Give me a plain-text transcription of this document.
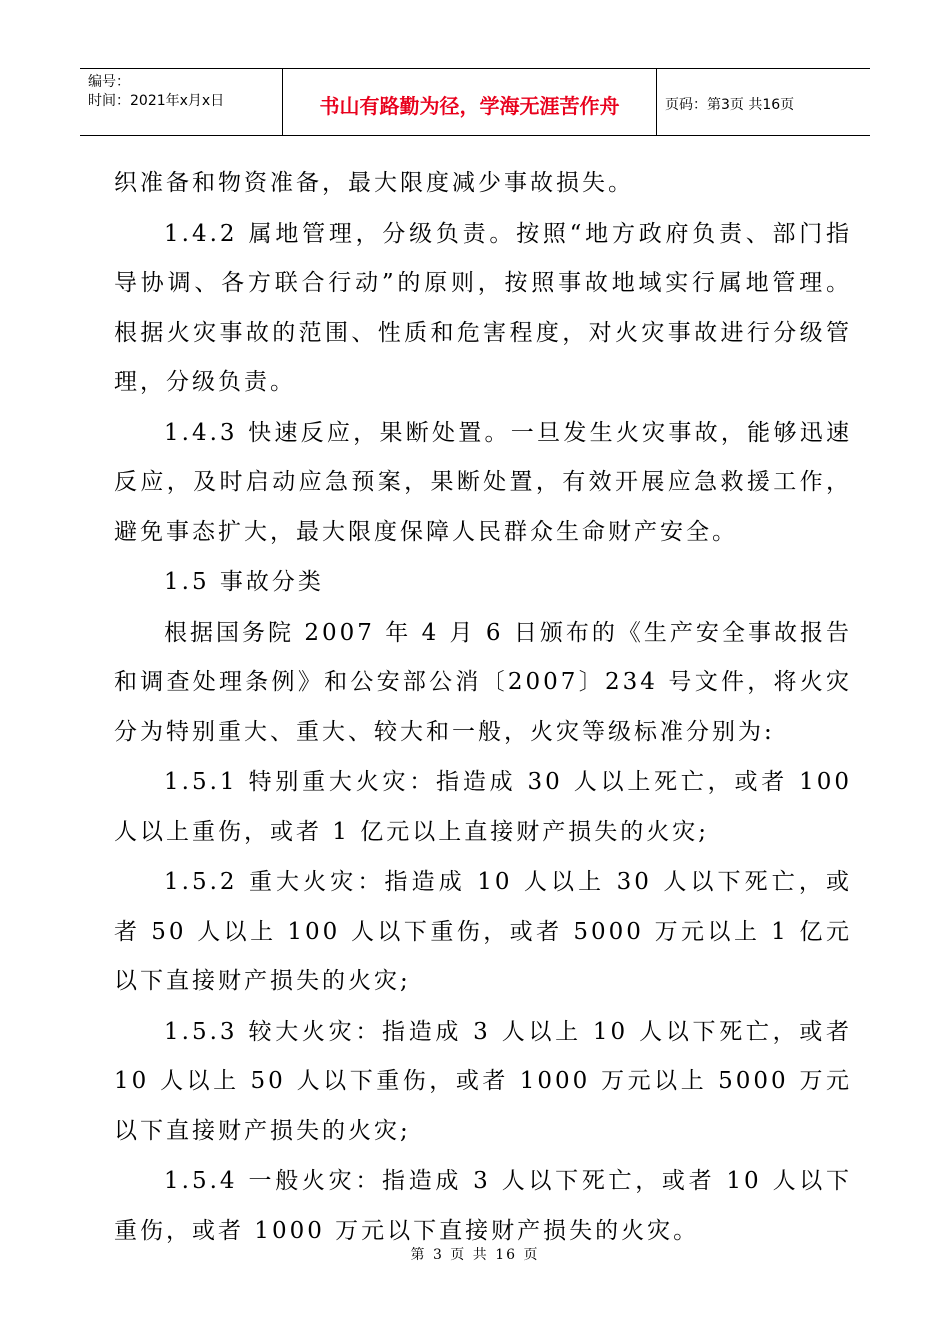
编号：
时间：2021年x月x日	书山有路勤为径，学海无涯苦作舟	页码：第3页 共16页

织准备和物资准备，最大限度减少事故损失。

1.4.2 属地管理，分级负责。按照“地方政府负责、部门指导协调、各方联合行动”的原则，按照事故地域实行属地管理。根据火灾事故的范围、性质和危害程度，对火灾事故进行分级管理，分级负责。

1.4.3 快速反应，果断处置。一旦发生火灾事故，能够迅速反应，及时启动应急预案，果断处置，有效开展应急救援工作，避免事态扩大，最大限度保障人民群众生命财产安全。

1.5 事故分类

根据国务院 2007 年 4 月 6 日颁布的《生产安全事故报告和调查处理条例》和公安部公消〔2007〕234 号文件，将火灾分为特别重大、重大、较大和一般，火灾等级标准分别为:

1.5.1 特别重大火灾：指造成 30 人以上死亡，或者 100 人以上重伤，或者 1 亿元以上直接财产损失的火灾;

1.5.2 重大火灾：指造成 10 人以上 30 人以下死亡，或者 50 人以上 100 人以下重伤，或者 5000 万元以上 1 亿元以下直接财产损失的火灾;

1.5.3 较大火灾：指造成 3 人以上 10 人以下死亡，或者 10 人以上 50 人以下重伤，或者 1000 万元以上 5000 万元以下直接财产损失的火灾;

1.5.4 一般火灾：指造成 3 人以下死亡，或者 10 人以下重伤，或者 1000 万元以下直接财产损失的火灾。

第 3 页 共 16 页
